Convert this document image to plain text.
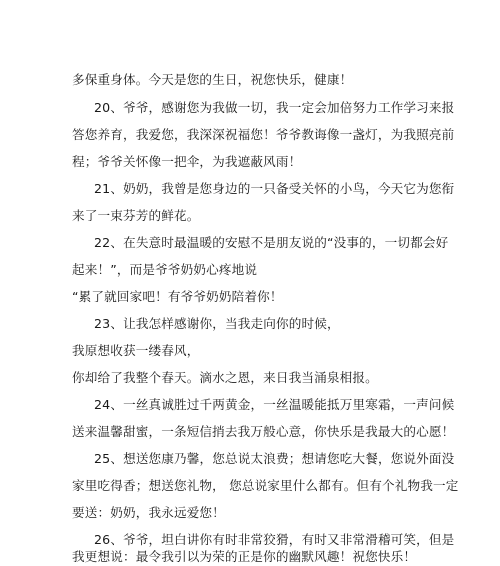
多保重身体。今天是您的生日，祝您快乐，健康！
20、爷爷，感谢您为我做一切，我一定会加倍努力工作学习来报
答您养育，我爱您，我深深祝福您！爷爷教诲像一盏灯，为我照亮前
程；爷爷关怀像一把伞，为我遮蔽风雨！
21、奶奶，我曾是您身边的一只备受关怀的小鸟，今天它为您衔
来了一束芬芳的鲜花。
22、在失意时最温暖的安慰不是朋友说的“没事的，一切都会好
起来！”，而是爷爷奶奶心疼地说
“累了就回家吧！有爷爷奶奶陪着你！
23、让我怎样感谢你，当我走向你的时候，
我原想收获一缕春风，
你却给了我整个春天。滴水之恩，来日我当涌泉相报。
24、一丝真诚胜过千两黄金，一丝温暖能抵万里寒霜，一声问候
送来温馨甜蜜，一条短信捎去我万般心意，你快乐是我最大的心愿！
25、想送您康乃馨，您总说太浪费；想请您吃大餐，您说外面没
家里吃得香；想送您礼物， 您总说家里什么都有。但有个礼物我一定
要送：奶奶，我永远爱您！
26、爷爷，坦白讲你有时非常狡猾，有时又非常滑稽可笑，但是
我更想说：最令我引以为荣的正是你的幽默风趣！祝您快乐！
